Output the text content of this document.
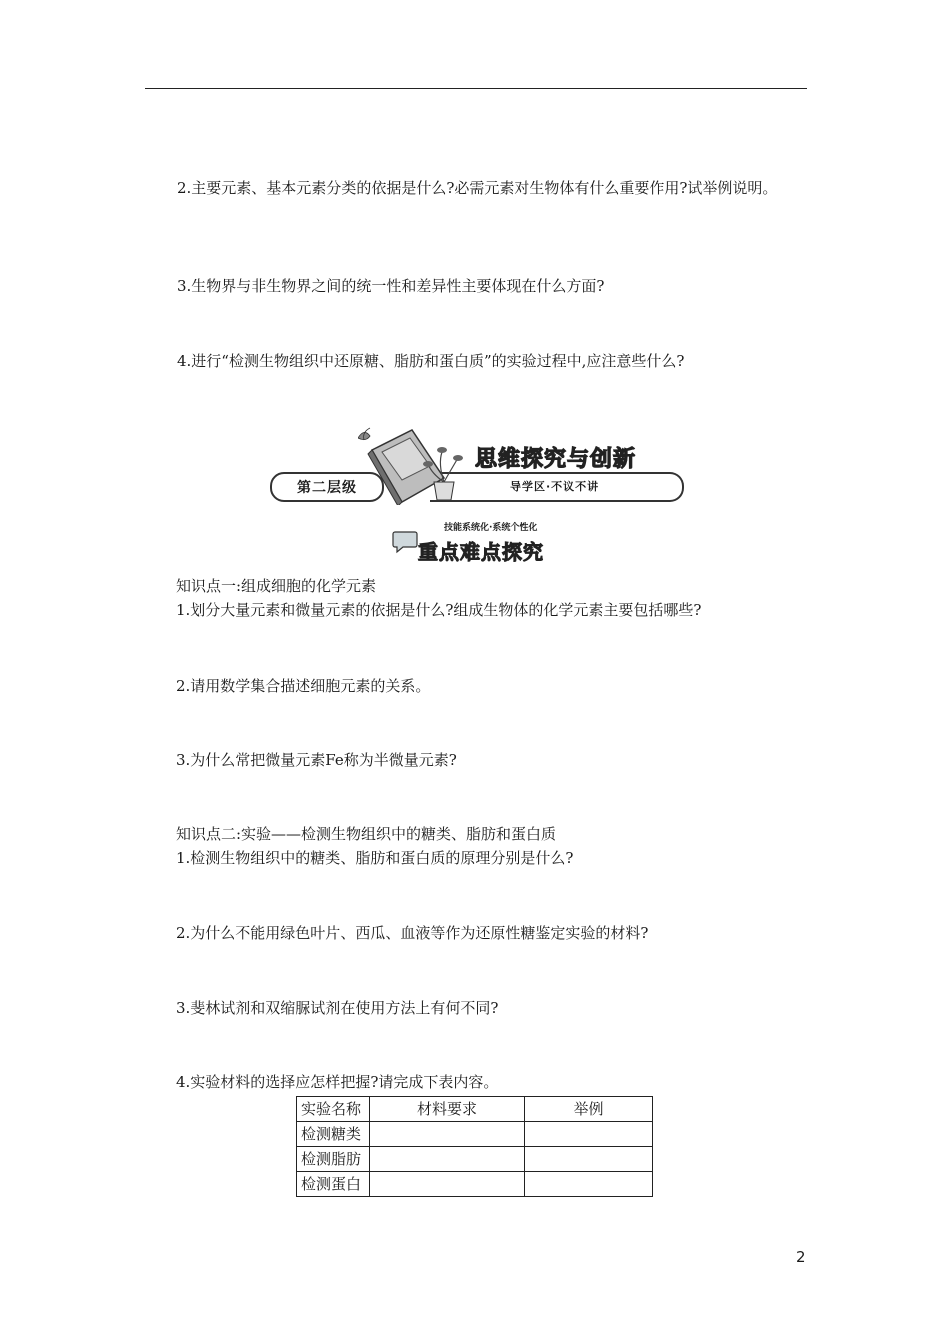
2.主要元素、基本元素分类的依据是什么?必需元素对生物体有什么重要作用?试举例说明。

3.生物界与非生物界之间的统一性和差异性主要体现在什么方面?

4.进行“检测生物组织中还原糖、脂肪和蛋白质”的实验过程中,应注意些什么?

第二层级
思维探究与创新
导学区·不议不讲
技能系统化·系统个性化
重点难点探究
知识点一:组成细胞的化学元素
1.划分大量元素和微量元素的依据是什么?组成生物体的化学元素主要包括哪些?
2.请用数学集合描述细胞元素的关系。
3.为什么常把微量元素Fe称为半微量元素?
知识点二:实验——检测生物组织中的糖类、脂肪和蛋白质
1.检测生物组织中的糖类、脂肪和蛋白质的原理分别是什么?
2.为什么不能用绿色叶片、西瓜、血液等作为还原性糖鉴定实验的材料?
3.斐林试剂和双缩脲试剂在使用方法上有何不同?
4.实验材料的选择应怎样把握?请完成下表内容。
实验名称	材料要求	举例
检测糖类		
检测脂肪		
检测蛋白		
2
